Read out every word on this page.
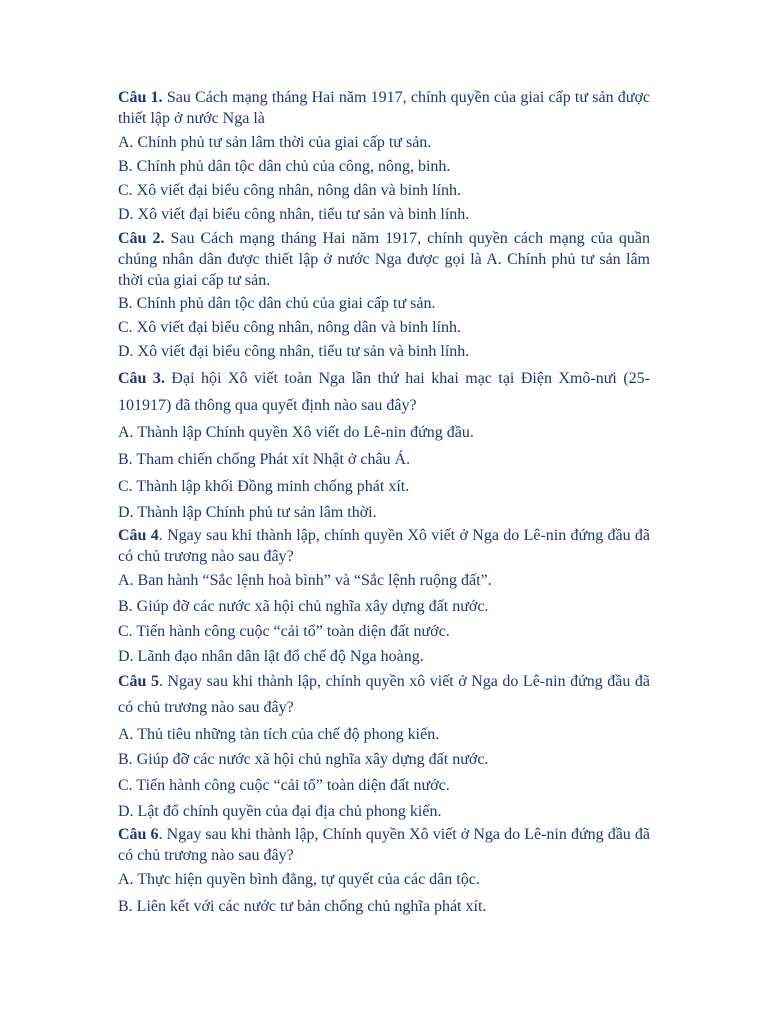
Câu 1. Sau Cách mạng tháng Hai năm 1917, chính quyền của giai cấp tư sản được thiết lập ở nước Nga là

A. Chính phủ tư sản lâm thời của giai cấp tư sản.

B. Chính phủ dân tộc dân chủ của công, nông, binh.

C. Xô viết đại biểu công nhân, nông dân và binh lính.

D. Xô viết đại biểu công nhân, tiểu tư sản và binh lính.

Câu 2. Sau Cách mạng tháng Hai năm 1917, chính quyền cách mạng của quần chúng nhân dân được thiết lập ở nước Nga được gọi là A. Chính phủ tư sản lâm thời của giai cấp tư sản.

B. Chính phủ dân tộc dân chủ của giai cấp tư sản.

C. Xô viết đại biểu công nhân, nông dân và binh lính.

D. Xô viết đại biểu công nhân, tiểu tư sản và binh lính.

Câu 3. Đại hội Xô viết toàn Nga lần thứ hai khai mạc tại Điện Xmô-nưi (25-101917) đã thông qua quyết định nào sau đây?

A. Thành lập Chính quyền Xô viết do Lê-nin đứng đầu.

B. Tham chiến chống Phát xít Nhật ở châu Á.

C. Thành lập khối Đồng minh chống phát xít.

D. Thành lập Chính phủ tư sản lâm thời.

Câu 4. Ngay sau khi thành lập, chính quyền Xô viết ở Nga do Lê-nin đứng đầu đã có chủ trương nào sau đây?

A. Ban hành “Sắc lệnh hoà bình” và “Sắc lệnh ruộng đất”.

B. Giúp đỡ các nước xã hội chủ nghĩa xây dựng đất nước.

C. Tiến hành công cuộc “cải tổ” toàn diện đất nước.

D. Lãnh đạo nhân dân lật đổ chế độ Nga hoàng.

Câu 5. Ngay sau khi thành lập, chính quyền xô viết ở Nga do Lê-nin đứng đầu đã có chủ trương nào sau đây?

A. Thủ tiêu những tàn tích của chế độ phong kiến.

B. Giúp đỡ các nước xã hội chủ nghĩa xây dựng đất nước.

C. Tiến hành công cuộc “cải tổ” toàn diện đất nước.

D. Lật đổ chính quyền của đại địa chủ phong kiến.

Câu 6. Ngay sau khi thành lập, Chính quyền Xô viết ở Nga do Lê-nin đứng đầu đã có chủ trương nào sau đây?

A. Thực hiện quyền bình đẳng, tự quyết của các dân tộc.

B. Liên kết với các nước tư bản chống chủ nghĩa phát xít.
